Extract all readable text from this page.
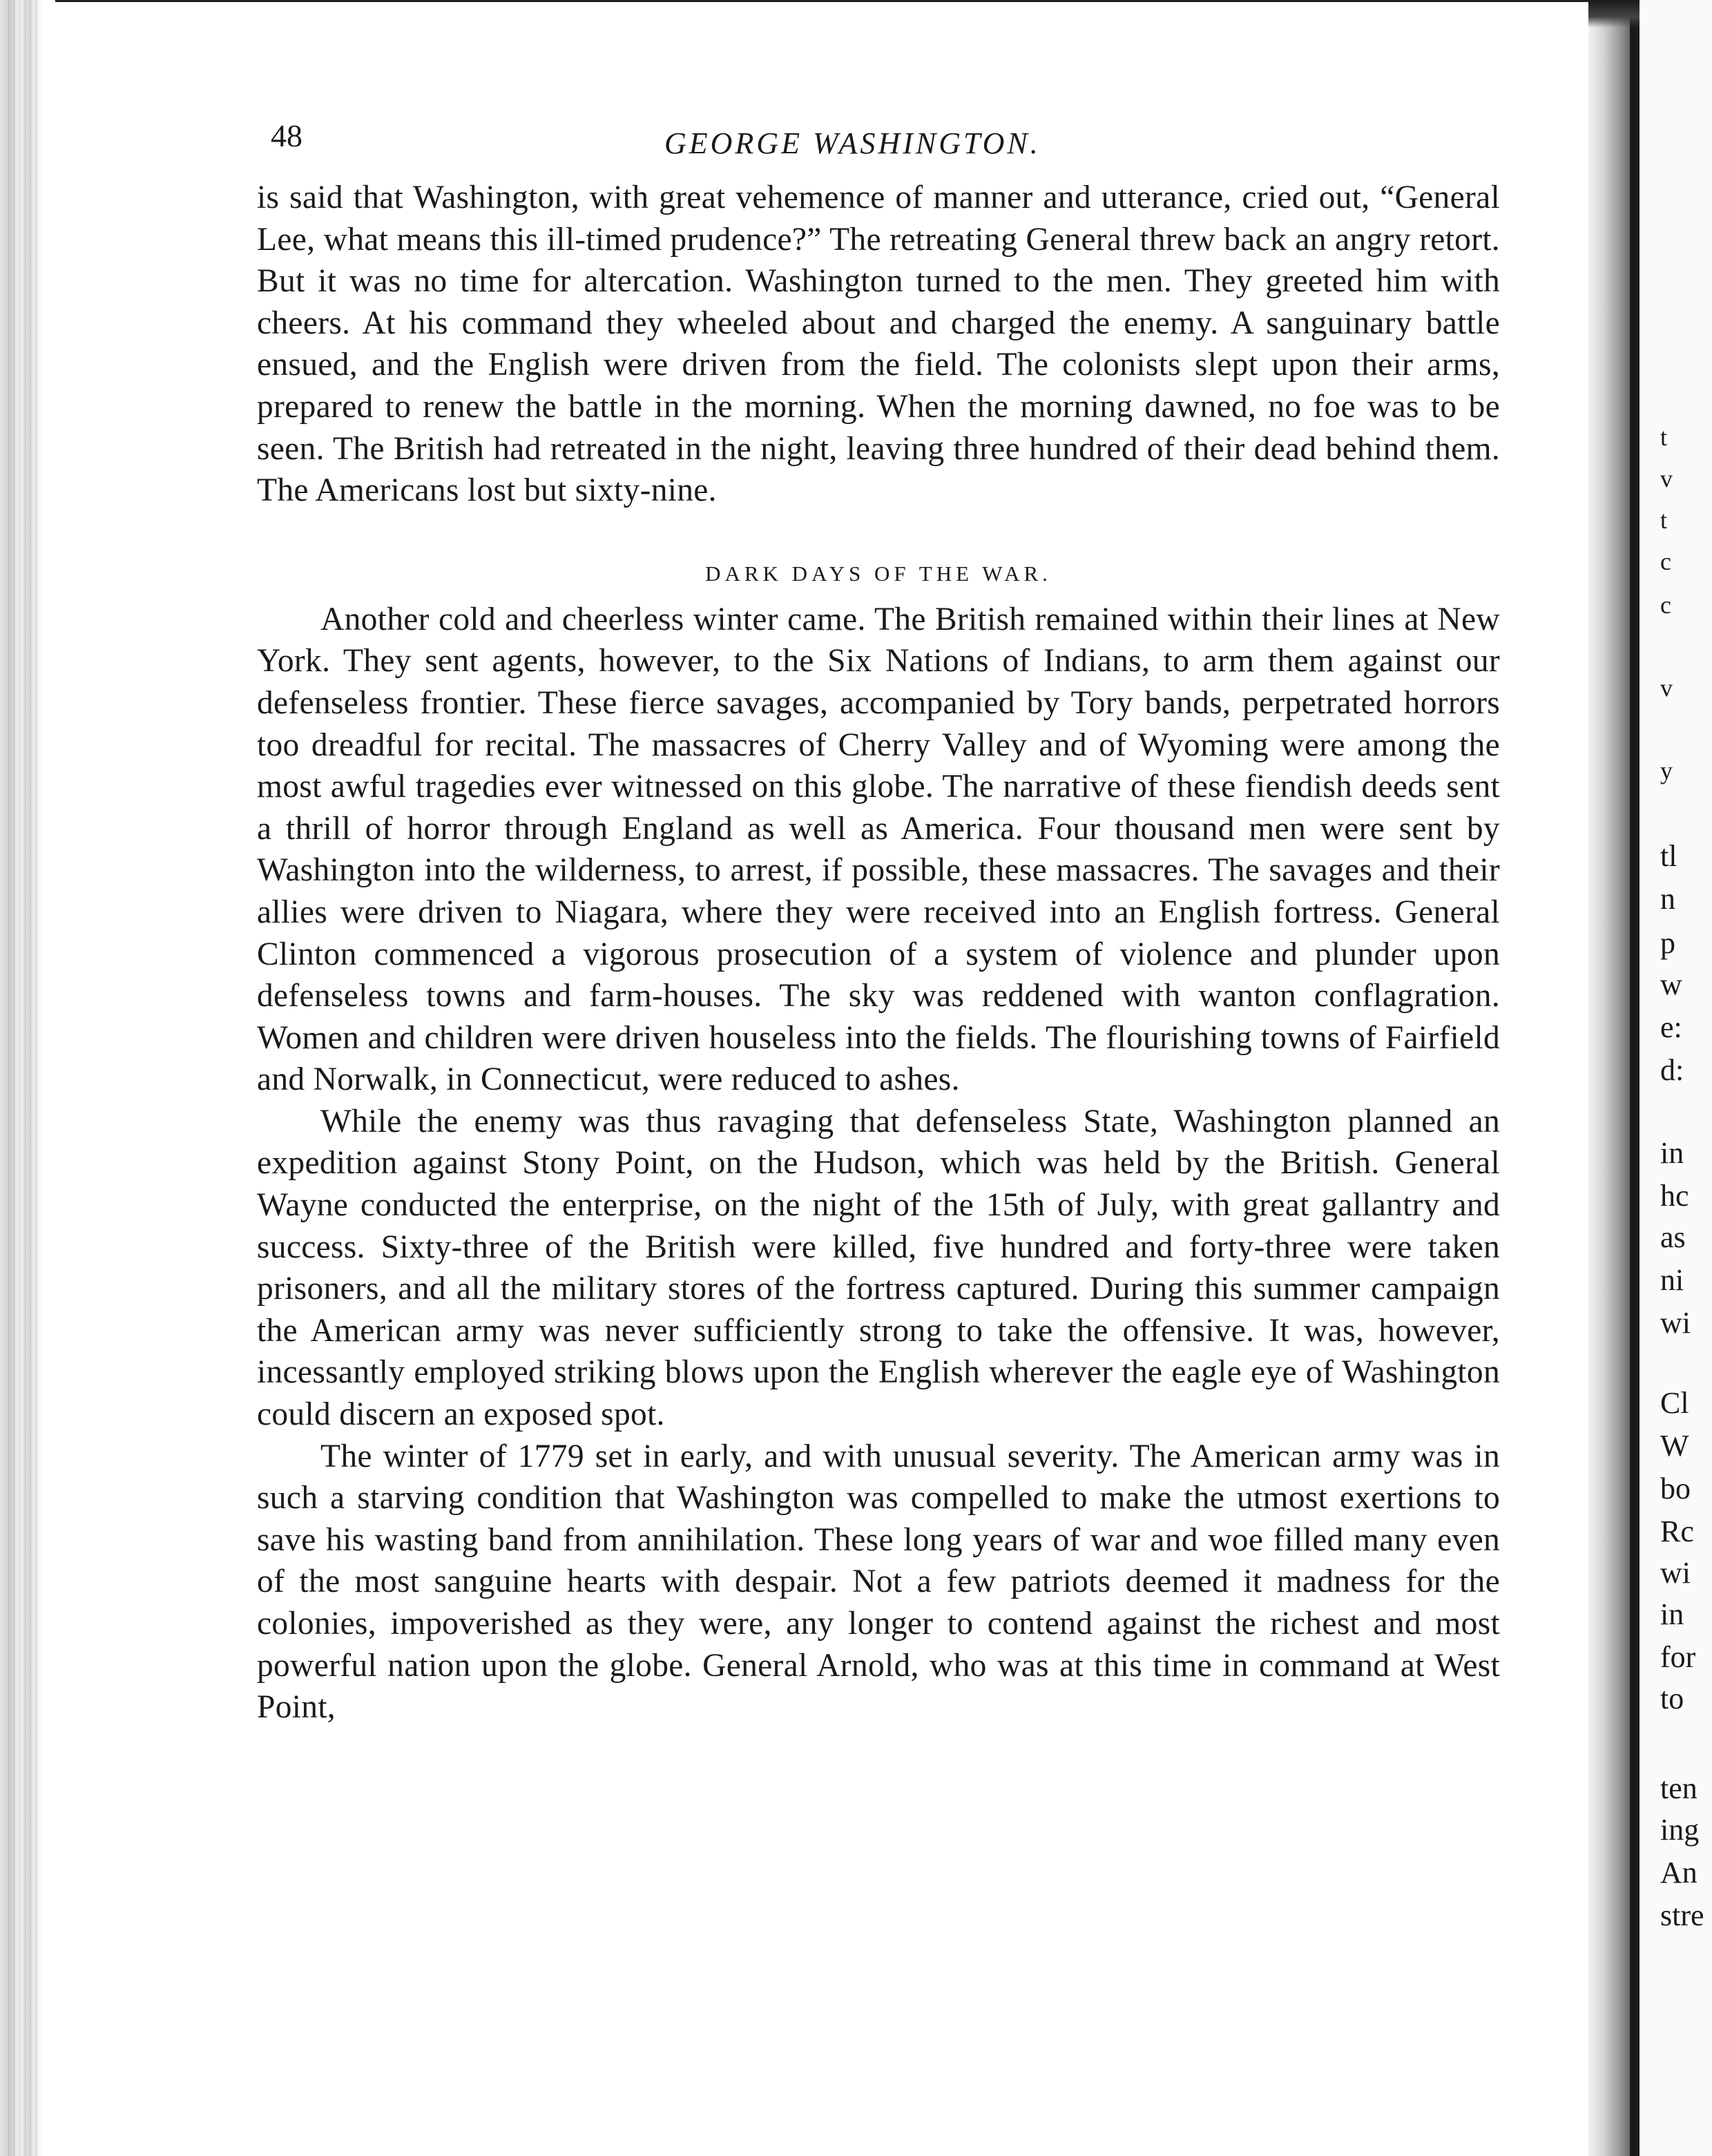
t
v
t
c
c
v
y
tl
n
p
w
e:
d:
in
hc
as
ni
wi
Cl
W
bo
Rc
wi
in
for
to
ten
ing
An
stre
48	GEORGE WASHINGTON.

is said that Washington, with great vehemence of manner and utterance, cried out, “General Lee, what means this ill-timed prudence?” The retreating General threw back an angry retort. But it was no time for altercation. Washington turned to the men. They greeted him with cheers. At his command they wheeled about and charged the enemy. A sanguinary battle ensued, and the English were driven from the field. The colonists slept upon their arms, prepared to renew the battle in the morning. When the morning dawned, no foe was to be seen. The British had retreated in the night, leaving three hundred of their dead behind them. The Americans lost but sixty-nine.

DARK DAYS OF THE WAR.

Another cold and cheerless winter came. The British remained within their lines at New York. They sent agents, however, to the Six Nations of Indians, to arm them against our defenseless frontier. These fierce savages, accompanied by Tory bands, perpetrated horrors too dreadful for recital. The massacres of Cherry Valley and of Wyoming were among the most awful tragedies ever witnessed on this globe. The narrative of these fiendish deeds sent a thrill of horror through England as well as America. Four thousand men were sent by Washington into the wilderness, to arrest, if possible, these massacres. The savages and their allies were driven to Niagara, where they were received into an English fortress. General Clinton commenced a vigorous prosecution of a system of violence and plunder upon defenseless towns and farm-houses. The sky was reddened with wanton conflagration. Women and children were driven houseless into the fields. The flourishing towns of Fairfield and Norwalk, in Connecticut, were reduced to ashes.

While the enemy was thus ravaging that defenseless State, Washington planned an expedition against Stony Point, on the Hudson, which was held by the British. General Wayne conducted the enterprise, on the night of the 15th of July, with great gallantry and success. Sixty-three of the British were killed, five hundred and forty-three were taken prisoners, and all the military stores of the fortress captured. During this summer campaign the American army was never sufficiently strong to take the offensive. It was, however, incessantly employed striking blows upon the English wherever the eagle eye of Washington could discern an exposed spot.

The winter of 1779 set in early, and with unusual severity. The American army was in such a starving condition that Washington was compelled to make the utmost exertions to save his wasting band from annihilation. These long years of war and woe filled many even of the most sanguine hearts with despair. Not a few patriots deemed it madness for the colonies, impoverished as they were, any longer to contend against the richest and most powerful nation upon the globe. General Arnold, who was at this time in command at West Point,
